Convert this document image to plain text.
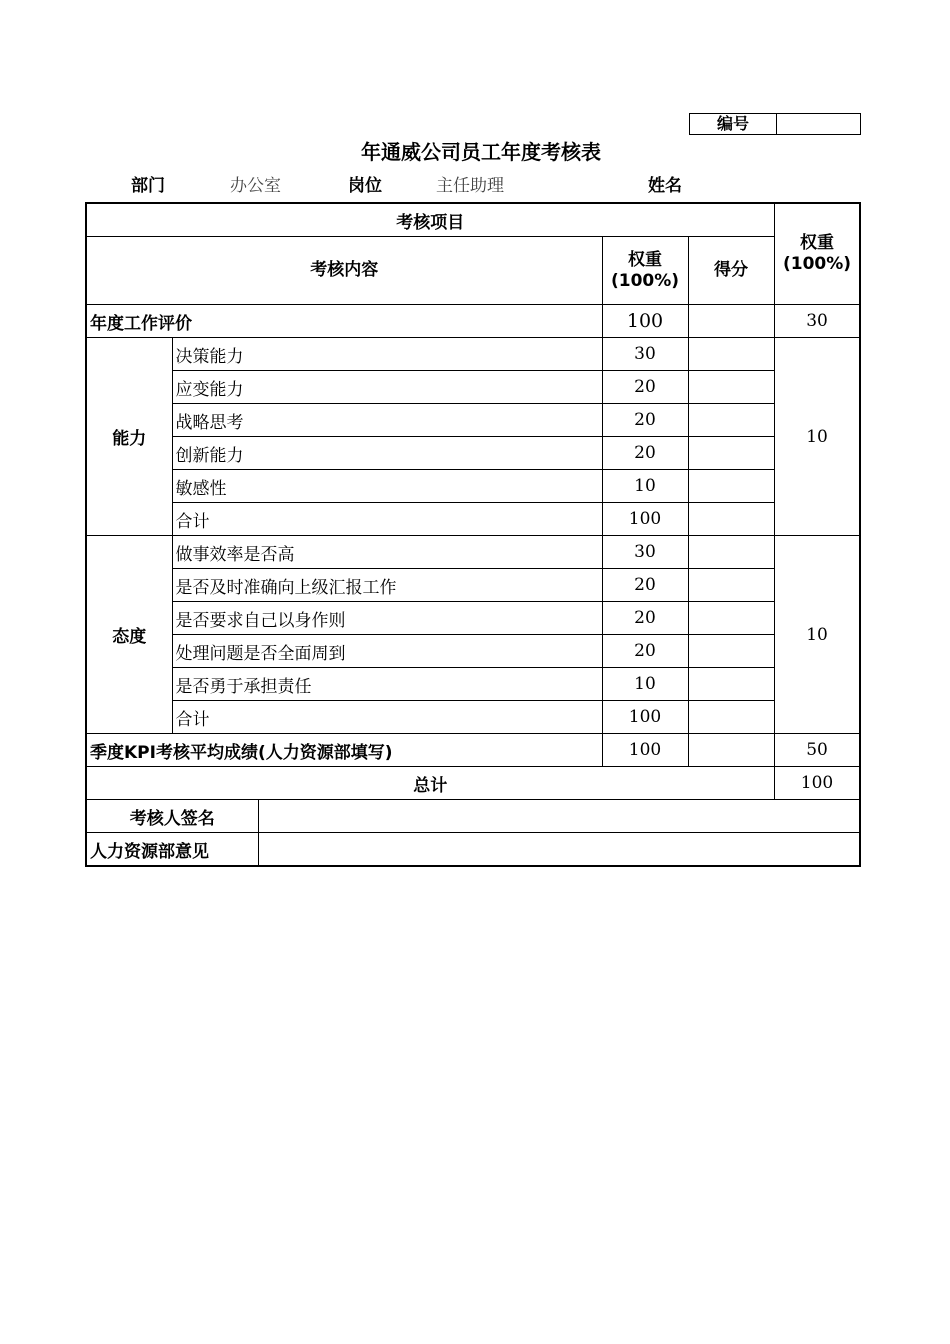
编号
年通威公司员工年度考核表
部门	办公室	岗位	主任助理	姓名
考核项目					权重
(100%)	
考核内容			权重
(100%)	得分		

年度工作评价			100		30	
能力	决策能力		30		10	
	应变能力		20			
	战略思考		20			
	创新能力		20			
	敏感性		10			
	合计		100			
态度	做事效率是否高		30		10	
	是否及时准确向上级汇报工作		20			
	是否要求自己以身作则		20			
	处理问题是否全面周到		20			
	是否勇于承担责任		10			
	合计		100			
季度KPI考核平均成绩(人力资源部填写)			100		50	
总计					100	
考核人签名						
人力资源部意见						
